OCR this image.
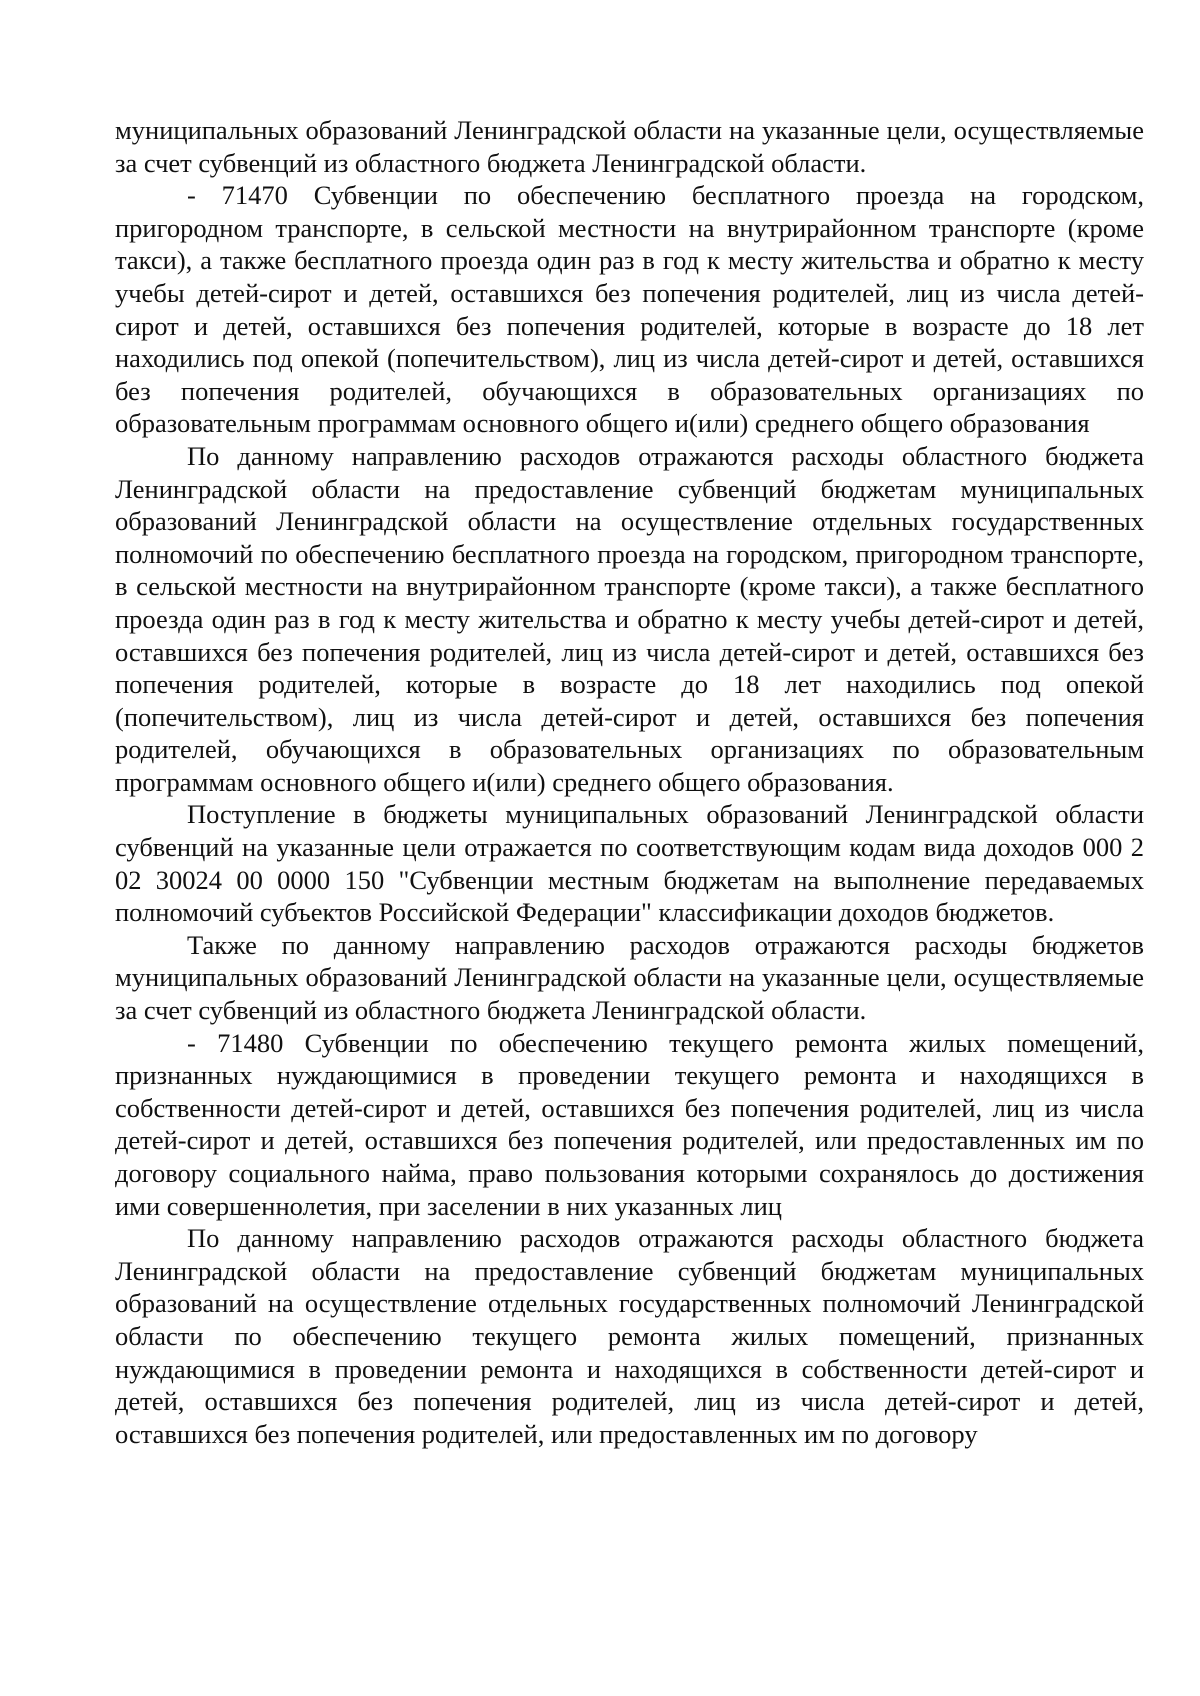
муниципальных образований Ленинградской области на указанные цели, осуществляемые за счет субвенций из областного бюджета Ленинградской области.

- 71470 Субвенции по обеспечению бесплатного проезда на городском, пригородном транспорте, в сельской местности на внутрирайонном транспорте (кроме такси), а также бесплатного проезда один раз в год к месту жительства и обратно к месту учебы детей-сирот и детей, оставшихся без попечения родителей, лиц из числа детей-сирот и детей, оставшихся без попечения родителей, которые в возрасте до 18 лет находились под опекой (попечительством), лиц из числа детей-сирот и детей, оставшихся без попечения родителей, обучающихся в образовательных организациях по образовательным программам основного общего и(или) среднего общего образования

По данному направлению расходов отражаются расходы областного бюджета Ленинградской области на предоставление субвенций бюджетам муниципальных образований Ленинградской области на осуществление отдельных государственных полномочий по обеспечению бесплатного проезда на городском, пригородном транспорте, в сельской местности на внутрирайонном транспорте (кроме такси), а также бесплатного проезда один раз в год к месту жительства и обратно к месту учебы детей-сирот и детей, оставшихся без попечения родителей, лиц из числа детей-сирот и детей, оставшихся без попечения родителей, которые в возрасте до 18 лет находились под опекой (попечительством), лиц из числа детей-сирот и детей, оставшихся без попечения родителей, обучающихся в образовательных организациях по образовательным программам основного общего и(или) среднего общего образования.

Поступление в бюджеты муниципальных образований Ленинградской области субвенций на указанные цели отражается по соответствующим кодам вида доходов 000 2 02 30024 00 0000 150 "Субвенции местным бюджетам на выполнение передаваемых полномочий субъектов Российской Федерации" классификации доходов бюджетов.

Также по данному направлению расходов отражаются расходы бюджетов муниципальных образований Ленинградской области на указанные цели, осуществляемые за счет субвенций из областного бюджета Ленинградской области.

- 71480 Субвенции по обеспечению текущего ремонта жилых помещений, признанных нуждающимися в проведении текущего ремонта и находящихся в собственности детей-сирот и детей, оставшихся без попечения родителей, лиц из числа детей-сирот и детей, оставшихся без попечения родителей, или предоставленных им по договору социального найма, право пользования которыми сохранялось до достижения ими совершеннолетия, при заселении в них указанных лиц

По данному направлению расходов отражаются расходы областного бюджета Ленинградской области на предоставление субвенций бюджетам муниципальных образований на осуществление отдельных государственных полномочий Ленинградской области по обеспечению текущего ремонта жилых помещений, признанных нуждающимися в проведении ремонта и находящихся в собственности детей-сирот и детей, оставшихся без попечения родителей, лиц из числа детей-сирот и детей, оставшихся без попечения родителей, или предоставленных им по договору
